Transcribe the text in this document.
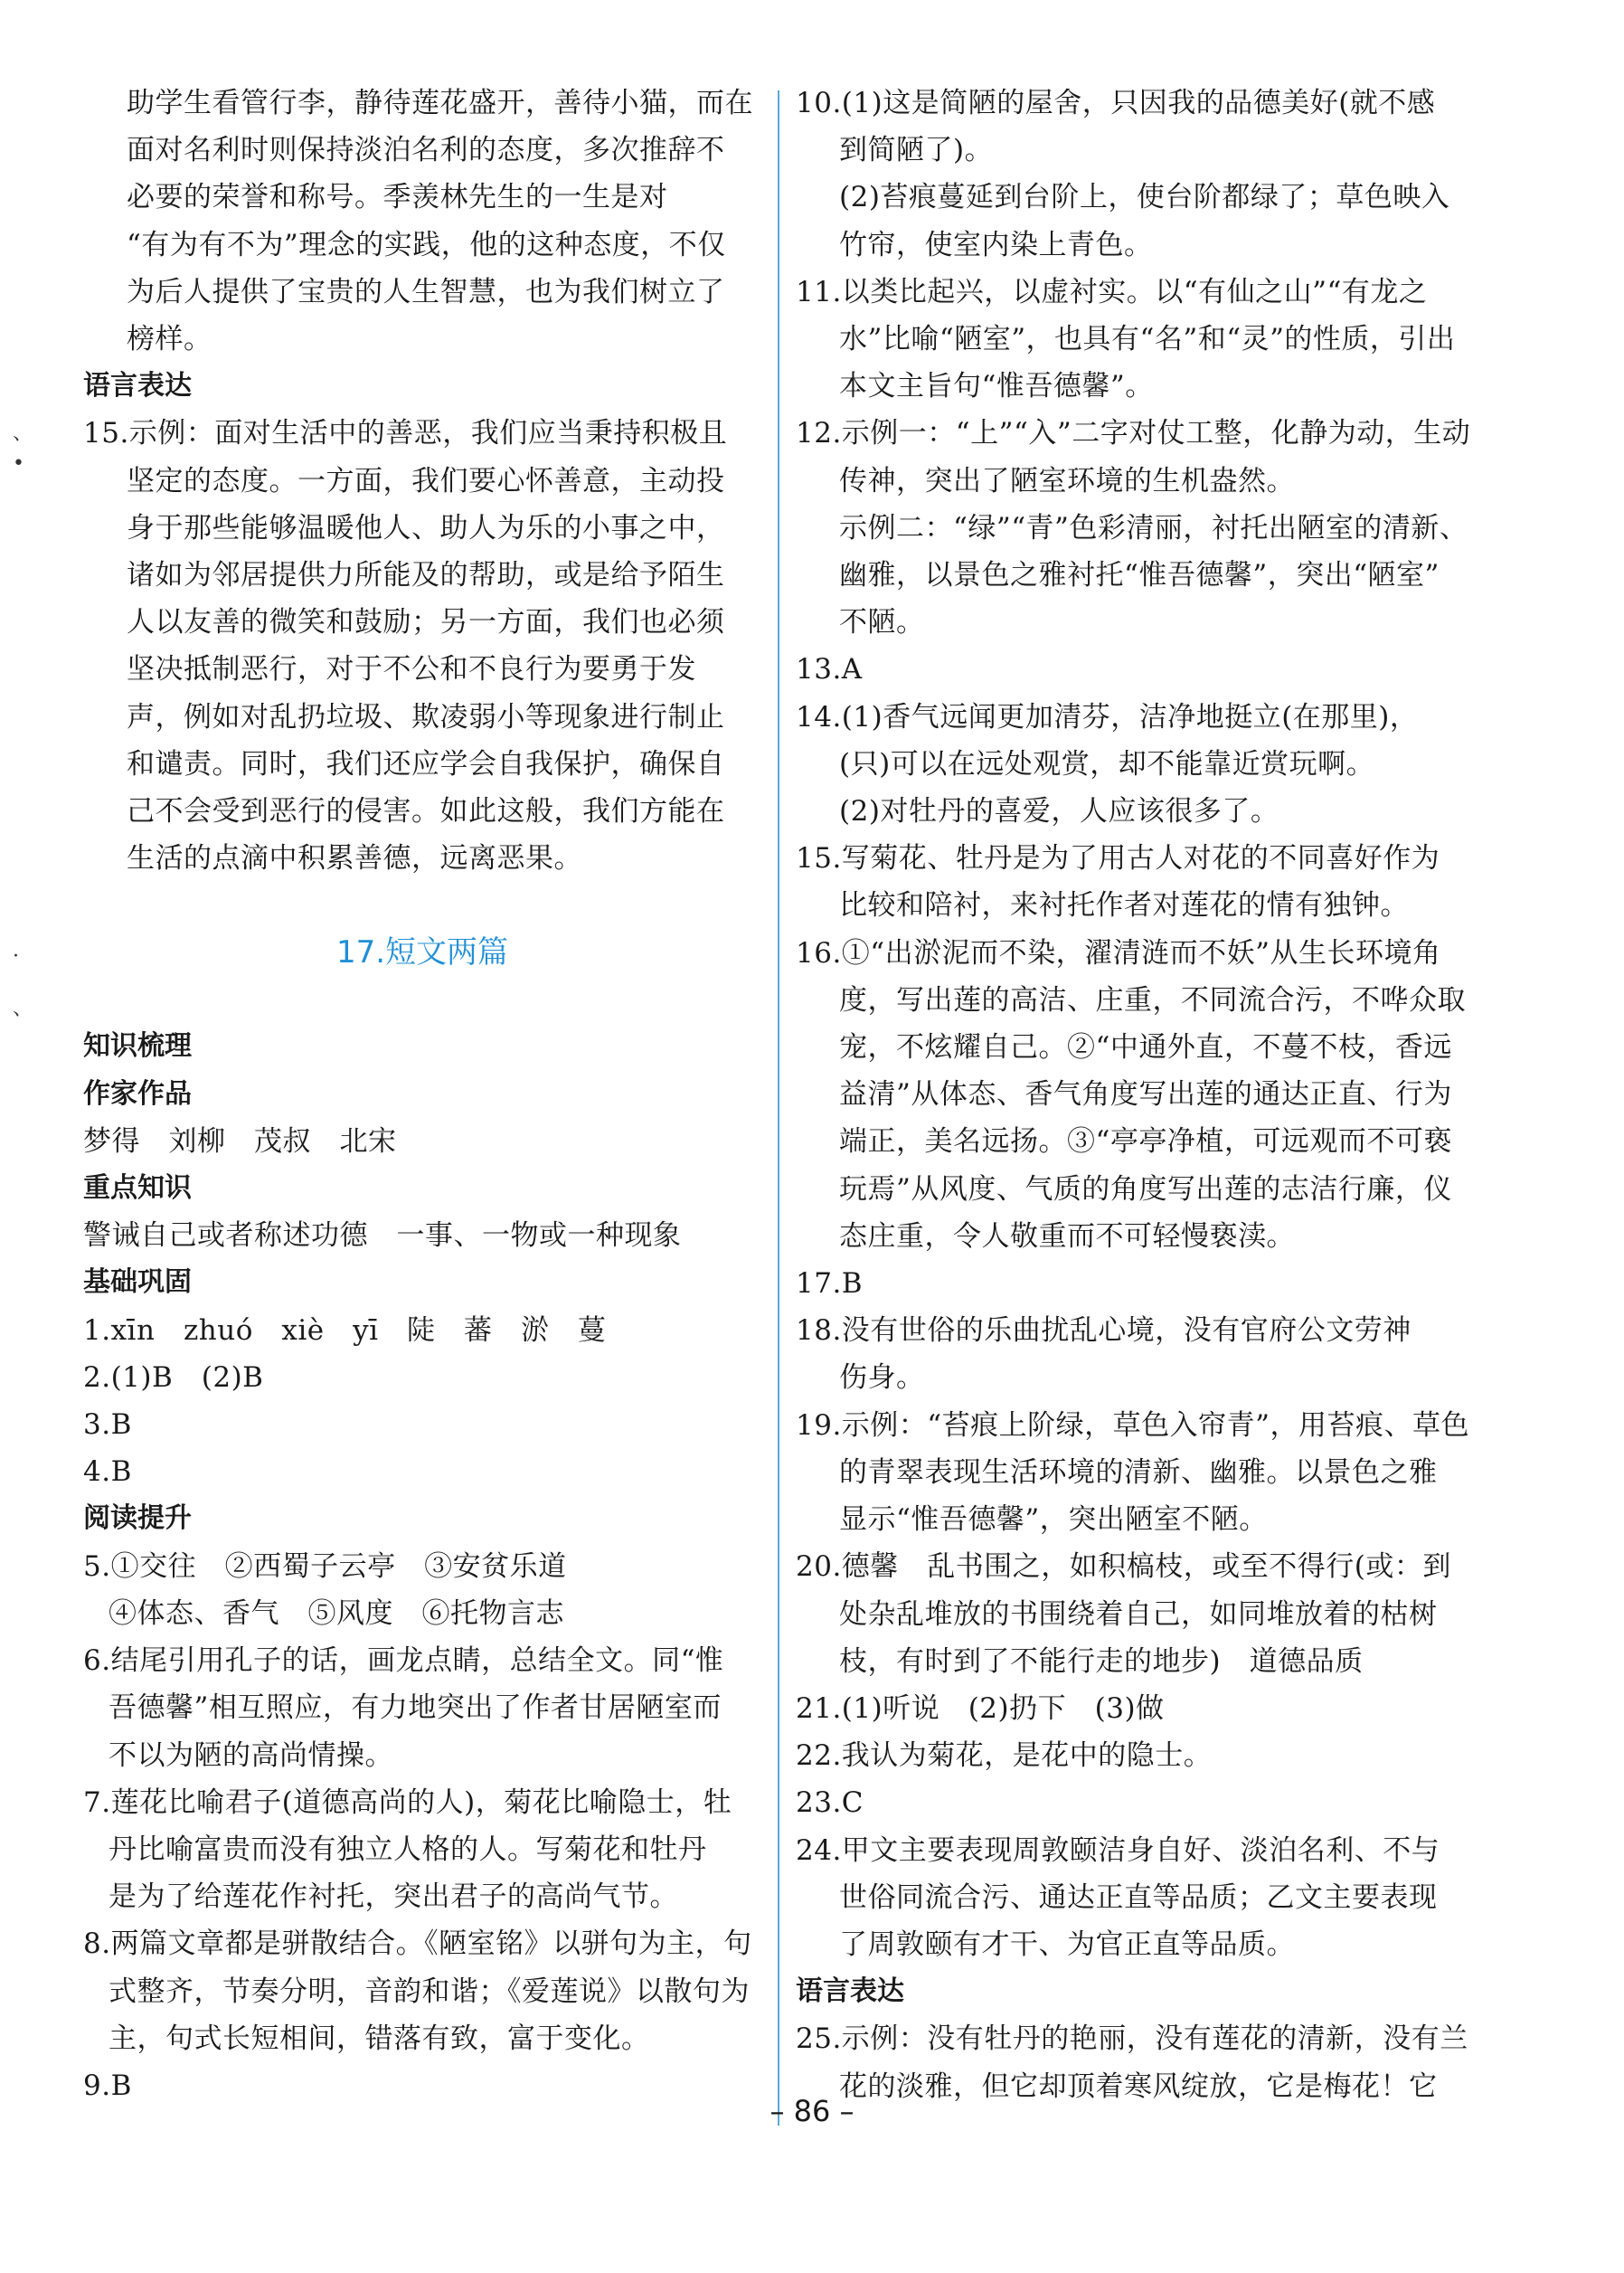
助学生看管行李，静待莲花盛开，善待小猫，而在
面对名利时则保持淡泊名利的态度，多次推辞不
必要的荣誉和称号。季羡林先生的一生是对
“有为有不为”理念的实践，他的这种态度，不仅
为后人提供了宝贵的人生智慧，也为我们树立了
榜样。
语言表达
15.示例：面对生活中的善恶，我们应当秉持积极且
坚定的态度。一方面，我们要心怀善意，主动投
身于那些能够温暖他人、助人为乐的小事之中，
诸如为邻居提供力所能及的帮助，或是给予陌生
人以友善的微笑和鼓励；另一方面，我们也必须
坚决抵制恶行，对于不公和不良行为要勇于发
声，例如对乱扔垃圾、欺凌弱小等现象进行制止
和谴责。同时，我们还应学会自我保护，确保自
己不会受到恶行的侵害。如此这般，我们方能在
生活的点滴中积累善德，远离恶果。
17.短文两篇
知识梳理
作家作品
梦得　刘柳　茂叔　北宋
重点知识
警诫自己或者称述功德　一事、一物或一种现象
基础巩固
1.xīn　zhuó　xiè　yī　陡　蕃　淤　蔓
2.(1)B　(2)B
3.B
4.B
阅读提升
5.①交往　②西蜀子云亭　③安贫乐道
④体态、香气　⑤风度　⑥托物言志
6.结尾引用孔子的话，画龙点睛，总结全文。同“惟
吾德馨”相互照应，有力地突出了作者甘居陋室而
不以为陋的高尚情操。
7.莲花比喻君子(道德高尚的人)，菊花比喻隐士，牡
丹比喻富贵而没有独立人格的人。写菊花和牡丹
是为了给莲花作衬托，突出君子的高尚气节。
8.两篇文章都是骈散结合。《陋室铭》以骈句为主，句
式整齐，节奏分明，音韵和谐；《爱莲说》以散句为
主，句式长短相间，错落有致，富于变化。
9.B
10.(1)这是简陋的屋舍，只因我的品德美好(就不感
到简陋了)。
(2)苔痕蔓延到台阶上，使台阶都绿了；草色映入
竹帘，使室内染上青色。
11.以类比起兴，以虚衬实。以“有仙之山”“有龙之
水”比喻“陋室”，也具有“名”和“灵”的性质，引出
本文主旨句“惟吾德馨”。
12.示例一：“上”“入”二字对仗工整，化静为动，生动
传神，突出了陋室环境的生机盎然。
示例二：“绿”“青”色彩清丽，衬托出陋室的清新、
幽雅，以景色之雅衬托“惟吾德馨”，突出“陋室”
不陋。
13.A
14.(1)香气远闻更加清芬，洁净地挺立(在那里)，
(只)可以在远处观赏，却不能靠近赏玩啊。
(2)对牡丹的喜爱，人应该很多了。
15.写菊花、牡丹是为了用古人对花的不同喜好作为
比较和陪衬，来衬托作者对莲花的情有独钟。
16.①“出淤泥而不染，濯清涟而不妖”从生长环境角
度，写出莲的高洁、庄重，不同流合污，不哗众取
宠，不炫耀自己。②“中通外直，不蔓不枝，香远
益清”从体态、香气角度写出莲的通达正直、行为
端正，美名远扬。③“亭亭净植，可远观而不可亵
玩焉”从风度、气质的角度写出莲的志洁行廉，仪
态庄重，令人敬重而不可轻慢亵渎。
17.B
18.没有世俗的乐曲扰乱心境，没有官府公文劳神
伤身。
19.示例：“苔痕上阶绿，草色入帘青”，用苔痕、草色
的青翠表现生活环境的清新、幽雅。以景色之雅
显示“惟吾德馨”，突出陋室不陋。
20.德馨　乱书围之，如积槁枝，或至不得行(或：到
处杂乱堆放的书围绕着自己，如同堆放着的枯树
枝，有时到了不能行走的地步)　道德品质
21.(1)听说　(2)扔下　(3)做
22.我认为菊花，是花中的隐士。
23.C
24.甲文主要表现周敦颐洁身自好、淡泊名利、不与
世俗同流合污、通达正直等品质；乙文主要表现
了周敦颐有才干、为官正直等品质。
语言表达
25.示例：没有牡丹的艳丽，没有莲花的清新，没有兰
花的淡雅，但它却顶着寒风绽放，它是梅花！它
、
•
·
、
– 86 –
